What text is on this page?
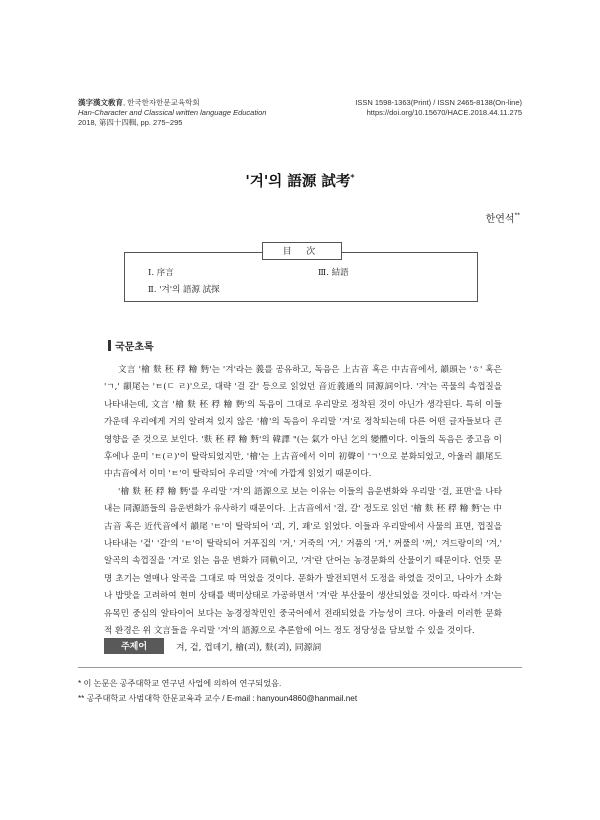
漢字漢文敎育, 한국한자한문교육학회
Han-Character and Classical written language Education
2018, 第四十四輯, pp. 275~295
ISSN 1598-1363(Print) / ISSN 2465-8138(On-line)
https://doi.org/10.15670/HACE.2018.44.11.275
'겨'의 語源 試考*
한연석**
目 次
Ⅰ. 序言
Ⅱ. '겨'의 語源 試探
Ⅲ. 結語
국문초록

文言 '檜 麩 秠 稃 糩 麪'는 '겨'라는 義를 공유하고, 독음은 上古音 혹은 中古音에서, 韻頭는 'ㅎ' 혹은 'ㄱ,' 韻尾는 'ㅌ(ㄷ ㄹ)'으로, 대략 '걸 갈' 등으로 읽었던 音近義通의 同源詞이다. '겨'는 곡물의 속껍질을 나타내는데, 文言 '檜 麩 秠 稃 糩 麪'의 독음이 그대로 우리말로 정착된 것이 아닌가 생각된다. 특히 이들 가운데 우리에게 거의 알려져 있지 않은 '檜'의 독음이 우리말 '겨'로 정착되는데 다른 어떤 글자들보다 큰 영향을 준 것으로 보인다. '麩 秠 稃 糩 麪'의 韓譯 "(는 氣가 아닌 乞의 變體이다. 이들의 독음은 중고음 이후에나 운미 'ㅌ(ㄹ)'이 탈락되었지만, '檜'는 上古音에서 이미 初聲이 'ㄱ'으로 분화되었고, 아울러 韻尾도 中古音에서 이미 'ㅌ'이 탈락되어 우리말 '겨'에 가깝게 읽었기 때문이다.

'檜 麩 秠 稃 糩 麪'를 우리말 '겨'의 語源으로 보는 이유는 이들의 음운변화와 우리말 '걸, 표면'을 나타내는 同源語들의 음운변화가 유사하기 때문이다. 上古音에서 '걸, 갈' 정도로 읽던 '檜 麩 秠 稃 糩 麪'는 中古音 혹은 近代音에서 韻尾 'ㅌ'이 탈락되어 '괴, 기, 괘'로 읽었다. 이들과 우리말에서 사물의 표면, 껍질을 나타내는 '겉' '갈'의 'ㅌ'이 탈락되어 거푸집의 '거,' 거죽의 '거,' 거품의 '거,' 꺼풀의 '꺼,' 겨드랑이의 '겨,' 알곡의 속껍질을 '겨'로 읽는 음운 변화가 同軌이고, '겨'란 단어는 농경문화의 산물이기 때문이다. 언뜻 문명 초기는 열매나 알곡을 그대로 따 먹었을 것이다. 문화가 발전되면서 도정을 하였을 것이고, 나아가 소화나 밥맛을 고려하여 현미 상태를 백미상태로 가공하면서 '겨'란 부산물이 생산되었을 것이다. 따라서 '겨'는 유목민 중심의 알타이어 보다는 농경정착민인 중국어에서 전래되었을 가능성이 크다. 아울러 이러한 문화적 환경은 위 文言들을 우리말 '겨'의 語源으로 추론함에 어느 정도 정당성을 담보할 수 있을 것이다.

주제어	겨, 겉, 껍데기, 檜(괴), 麩(괴), 同源詞
* 이 논문은 공주대학교 연구년 사업에 의하여 연구되었음.
** 공주대학교 사범대학 한문교육과 교수 / E-mail : hanyoun4860@hanmail.net
